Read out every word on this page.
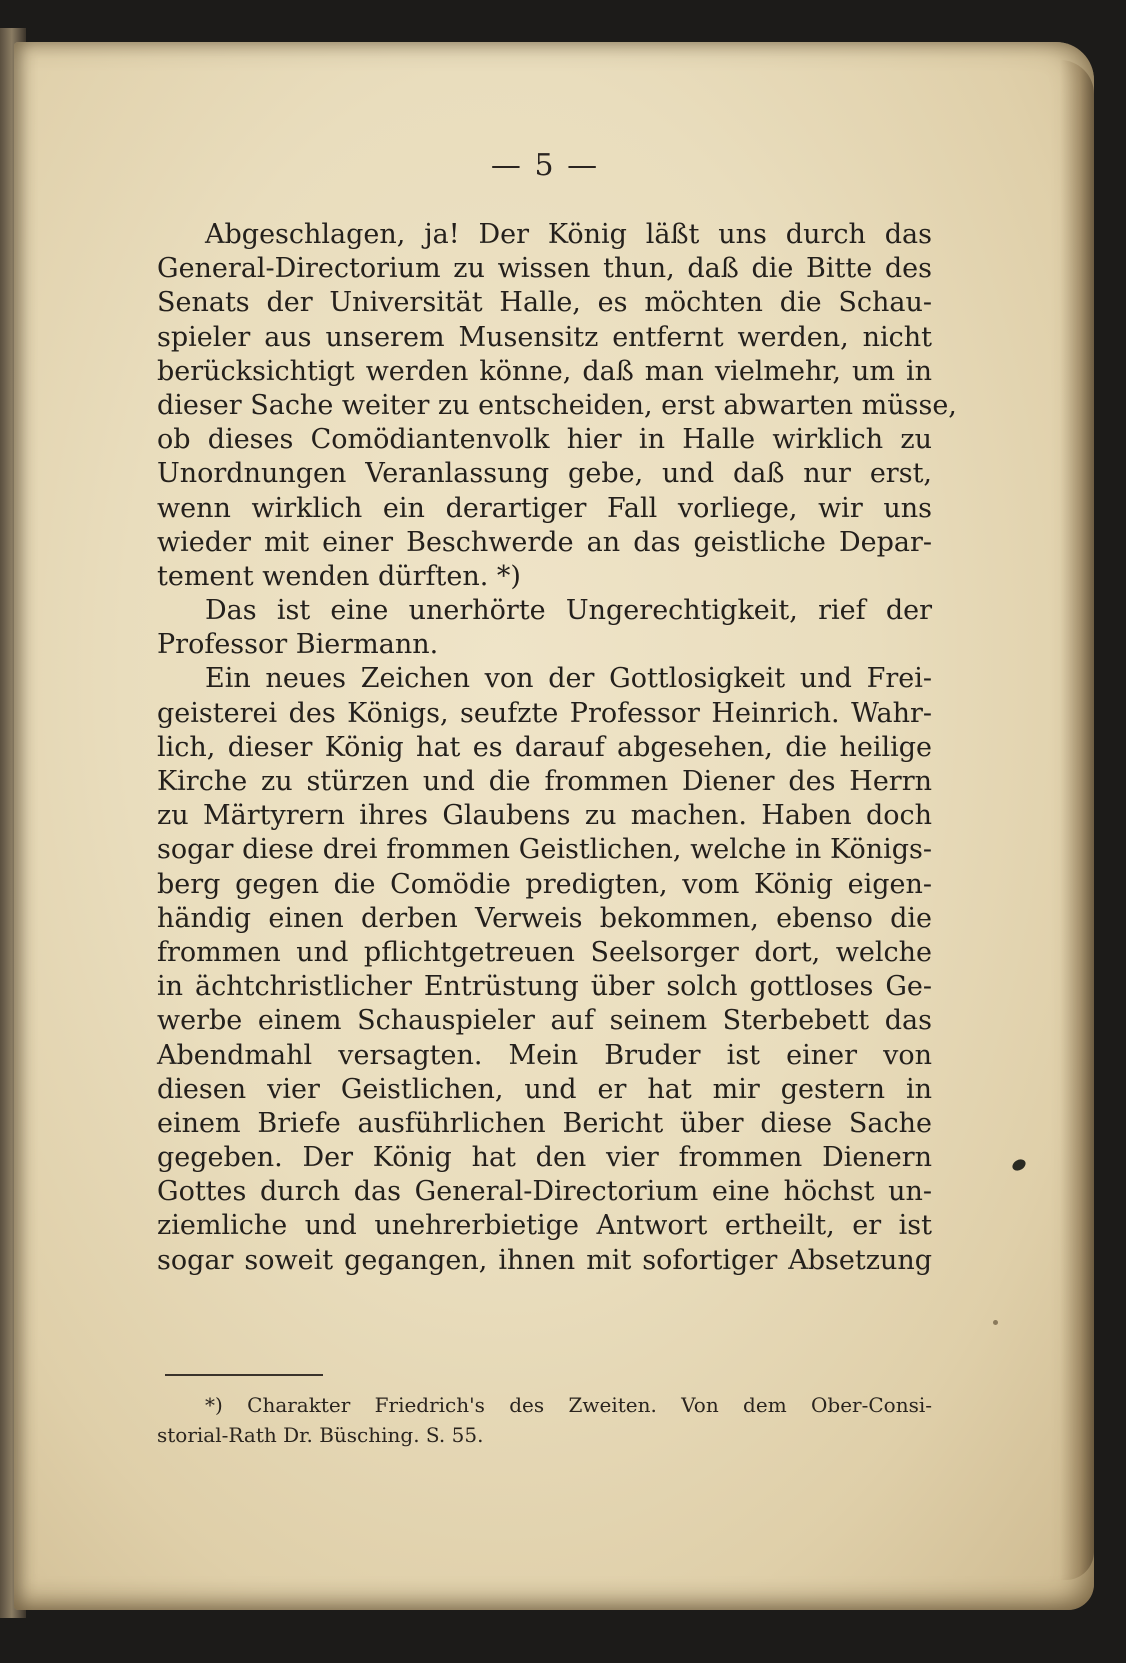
— 5 —
Abgeschlagen, ja! Der König läßt uns durch das
General-Directorium zu wissen thun, daß die Bitte des
Senats der Universität Halle, es möchten die Schau-
spieler aus unserem Musensitz entfernt werden, nicht
berücksichtigt werden könne, daß man vielmehr, um in
dieser Sache weiter zu entscheiden, erst abwarten müsse,
ob dieses Comödiantenvolk hier in Halle wirklich zu
Unordnungen Veranlassung gebe, und daß nur erst,
wenn wirklich ein derartiger Fall vorliege, wir uns
wieder mit einer Beschwerde an das geistliche Depar-
tement wenden dürften. *)
Das ist eine unerhörte Ungerechtigkeit, rief der
Professor Biermann.
Ein neues Zeichen von der Gottlosigkeit und Frei-
geisterei des Königs, seufzte Professor Heinrich. Wahr-
lich, dieser König hat es darauf abgesehen, die heilige
Kirche zu stürzen und die frommen Diener des Herrn
zu Märtyrern ihres Glaubens zu machen. Haben doch
sogar diese drei frommen Geistlichen, welche in Königs-
berg gegen die Comödie predigten, vom König eigen-
händig einen derben Verweis bekommen, ebenso die
frommen und pflichtgetreuen Seelsorger dort, welche
in ächtchristlicher Entrüstung über solch gottloses Ge-
werbe einem Schauspieler auf seinem Sterbebett das
Abendmahl versagten. Mein Bruder ist einer von
diesen vier Geistlichen, und er hat mir gestern in
einem Briefe ausführlichen Bericht über diese Sache
gegeben. Der König hat den vier frommen Dienern
Gottes durch das General-Directorium eine höchst un-
ziemliche und unehrerbietige Antwort ertheilt, er ist
sogar soweit gegangen, ihnen mit sofortiger Absetzung
*) Charakter Friedrich's des Zweiten. Von dem Ober-Consi-
storial-Rath Dr. Büsching. S. 55.
